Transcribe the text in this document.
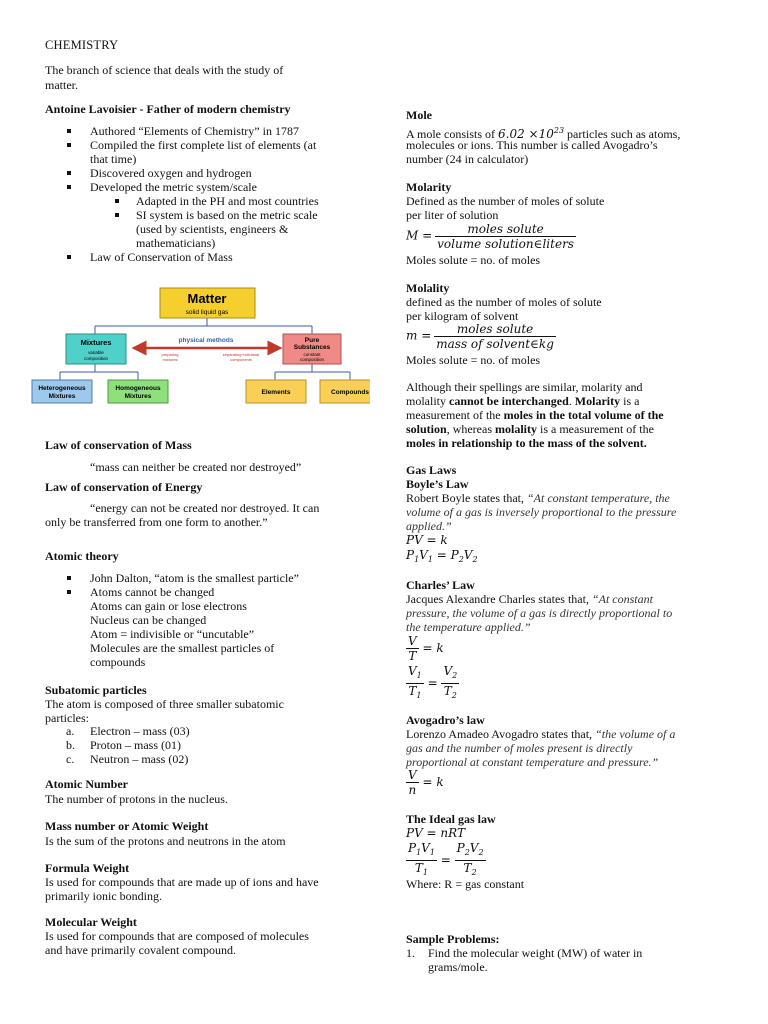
CHEMISTRY
The branch of science that deals with the study of
matter.
Antoine Lavoisier - Father of modern chemistry
Authored “Elements of Chemistry” in 1787
Compiled the first complete list of elements (at
that time)
Discovered oxygen and hydrogen
Developed the metric system/scale
Adapted in the PH and most countries
SI system is based on the metric scale
(used by scientists, engineers &
mathematicians)
Law of Conservation of Mass
Matter
solid liquid gas
Mixtures
variable
composition
physical methods
preparing
mixtures
separating individual
components
Pure
Substances
constant
composition
Heterogeneous
Mixtures
Homogeneous
Mixtures
Elements	Compounds
Law of conservation of Mass
“mass can neither be created nor destroyed”
Law of conservation of Energy
“energy can not be created nor destroyed. It can
only be transferred from one form to another.”
Atomic theory
John Dalton, “atom is the smallest particle”
Atoms cannot be changed
Atoms can gain or lose electrons
Nucleus can be changed
Atom = indivisible or “uncutable”
Molecules are the smallest particles of
compounds
Subatomic particles
The atom is composed of three smaller subatomic
particles:
a. Electron – mass (03)
b. Proton – mass (01)
c. Neutron – mass (02)
Atomic Number
The number of protons in the nucleus.
Mass number or Atomic Weight
Is the sum of the protons and neutrons in the atom
Formula Weight
Is used for compounds that are made up of ions and have
primarily ionic bonding.
Molecular Weight
Is used for compounds that are composed of molecules
and have primarily covalent compound.
Mole
A mole consists of $6.02 \times 10^{23}$ particles such as atoms,
molecules or ions. This number is called Avogadro’s
number (24 in calculator)
Molarity
Defined as the number of moles of solute
per liter of solution
$M = \frac{\text{moles solute}}{\text{volume solution∈liters}}$
Moles solute = no. of moles
Molality
defined as the number of moles of solute
per kilogram of solvent
$m = \frac{\text{moles solute}}{\text{mass of solvent∈kg}}$
Moles solute = no. of moles
Although their spellings are similar, molarity and
molality cannot be interchanged. Molarity is a
measurement of the moles in the total volume of the
solution, whereas molality is a measurement of the
moles in relationship to the mass of the solvent.
Gas Laws
Boyle’s Law
Robert Boyle states that, “At constant temperature, the
volume of a gas is inversely proportional to the pressure
applied.”
PV = k
$P_1V_1 = P_2V_2$
Charles’ Law
Jacques Alexandre Charles states that, “At constant
pressure, the volume of a gas is directly proportional to
the temperature applied.”
$\frac{V}{T} = k$
$\frac{V_1}{T_1} = \frac{V_2}{T_2}$
Avogadro’s law
Lorenzo Amadeo Avogadro states that, “the volume of a
gas and the number of moles present is directly
proportional at constant temperature and pressure.”
$\frac{V}{n} = k$
The Ideal gas law
PV = nRT
$\frac{P_1V_1}{T_1} = \frac{P_2V_2}{T_2}$
Where: R = gas constant
Sample Problems:
1. Find the molecular weight (MW) of water in
grams/mole.
